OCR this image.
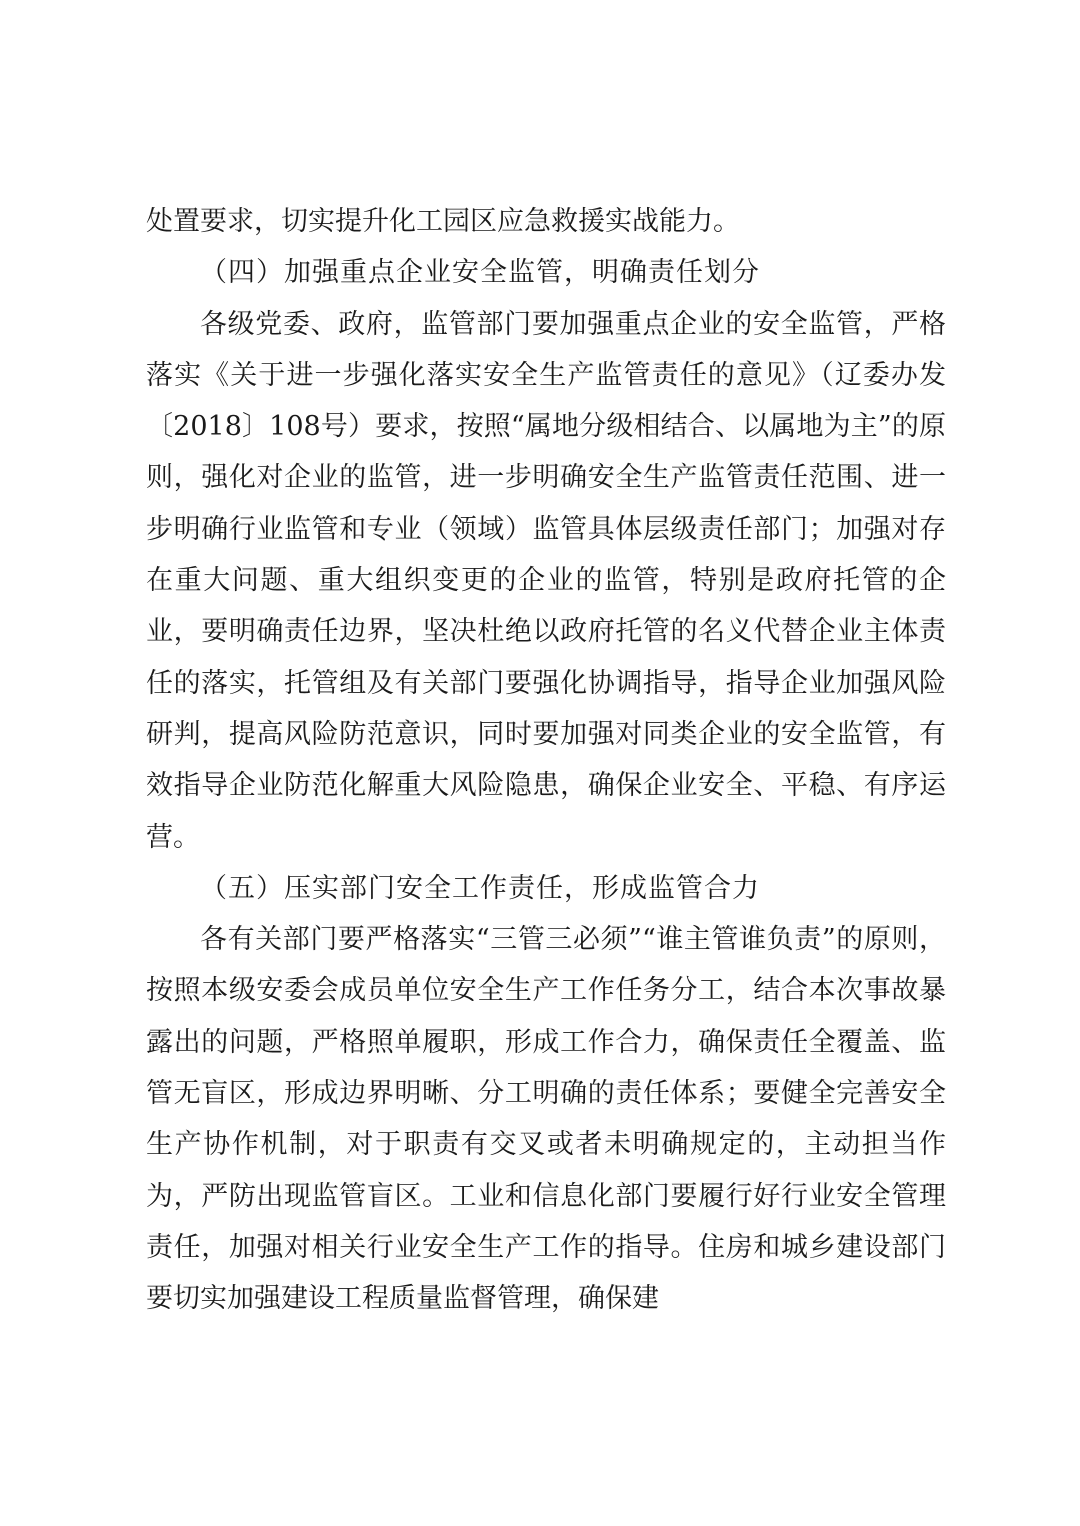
处置要求，切实提升化工园区应急救援实战能力。

（四）加强重点企业安全监管，明确责任划分

各级党委、政府，监管部门要加强重点企业的安全监管，严格落实《关于进一步强化落实安全生产监管责任的意见》（辽委办发〔2018〕108号）要求，按照“属地分级相结合、以属地为主”的原则，强化对企业的监管，进一步明确安全生产监管责任范围、进一步明确行业监管和专业（领域）监管具体层级责任部门；加强对存在重大问题、重大组织变更的企业的监管，特别是政府托管的企业，要明确责任边界，坚决杜绝以政府托管的名义代替企业主体责任的落实，托管组及有关部门要强化协调指导，指导企业加强风险研判，提高风险防范意识，同时要加强对同类企业的安全监管，有效指导企业防范化解重大风险隐患，确保企业安全、平稳、有序运营。

（五）压实部门安全工作责任，形成监管合力

各有关部门要严格落实“三管三必须”“谁主管谁负责”的原则，按照本级安委会成员单位安全生产工作任务分工，结合本次事故暴露出的问题，严格照单履职，形成工作合力，确保责任全覆盖、监管无盲区，形成边界明晰、分工明确的责任体系；要健全完善安全生产协作机制，对于职责有交叉或者未明确规定的，主动担当作为，严防出现监管盲区。工业和信息化部门要履行好行业安全管理责任，加强对相关行业安全生产工作的指导。住房和城乡建设部门要切实加强建设工程质量监督管理，确保建
